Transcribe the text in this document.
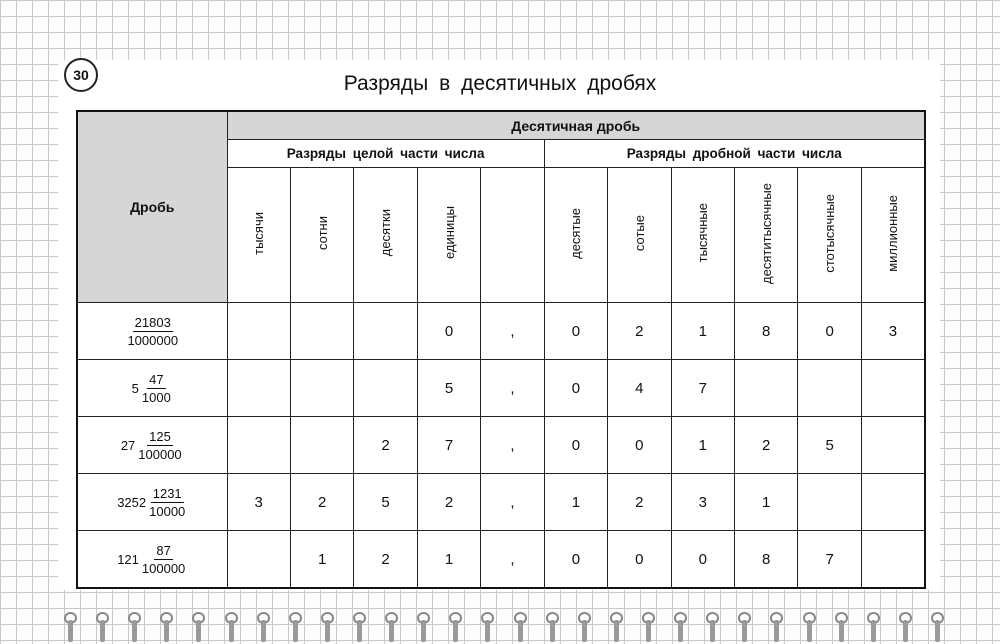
30	Разряды в десятичных дробях
Дробь	Десятичная дробь										
	Разряды целой части числа					Разряды дробной части числа					
	тысячи	сотни	десятки	единицы		десятые	сотые	тысячные	десятитысячные	стотысячные	миллионные

$\frac{21803}{1000000}$				0	,	0	2	1	8	0	3

$5 \frac{47}{1000}$				5	,	0	4	7			

$27 \frac{125}{100000}$			2	7	,	0	0	1	2	5	

$3252 \frac{1231}{10000}$	3	2	5	2	,	1	2	3	1		

$121 \frac{87}{100000}$		1	2	1	,	0	0	0	8	7	
